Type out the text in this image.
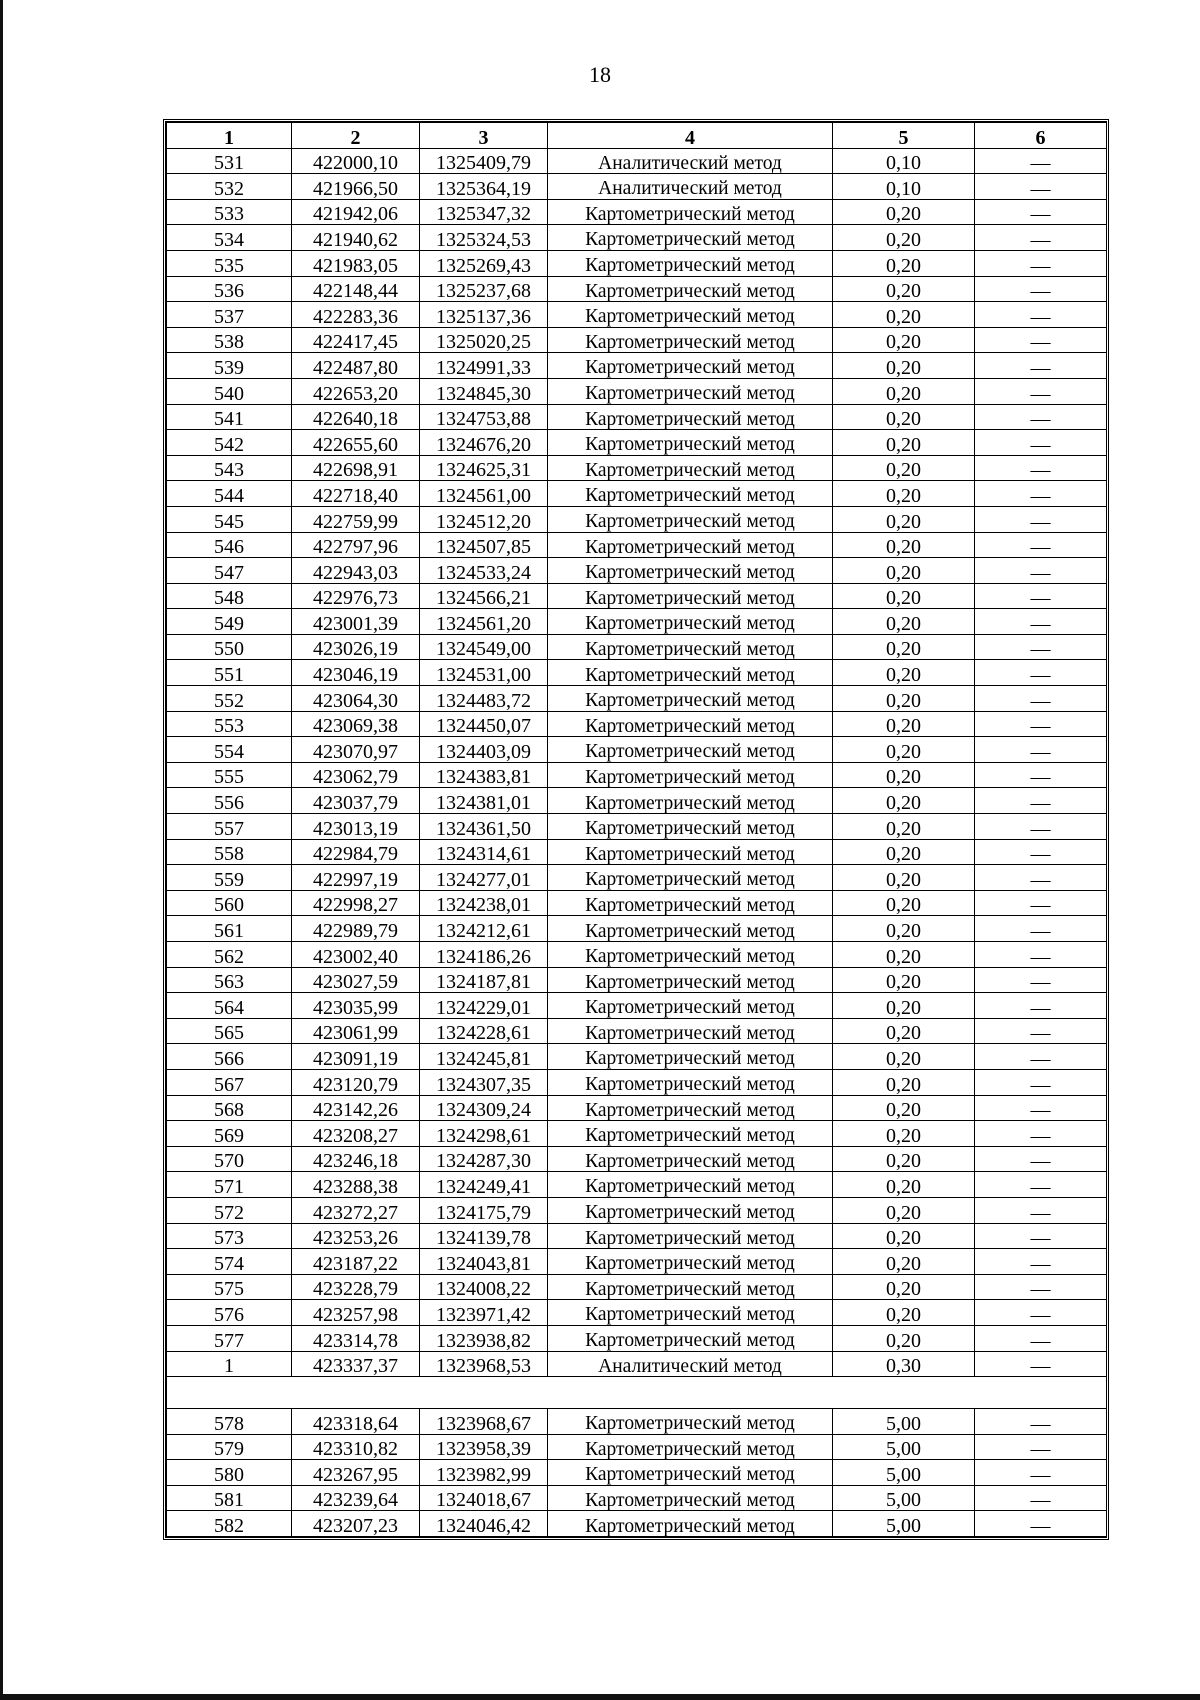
18
1	2	3	4	5	6
531	422000,10	1325409,79	Аналитический метод	0,10	—
532	421966,50	1325364,19	Аналитический метод	0,10	—
533	421942,06	1325347,32	Картометрический метод	0,20	—
534	421940,62	1325324,53	Картометрический метод	0,20	—
535	421983,05	1325269,43	Картометрический метод	0,20	—
536	422148,44	1325237,68	Картометрический метод	0,20	—
537	422283,36	1325137,36	Картометрический метод	0,20	—
538	422417,45	1325020,25	Картометрический метод	0,20	—
539	422487,80	1324991,33	Картометрический метод	0,20	—
540	422653,20	1324845,30	Картометрический метод	0,20	—
541	422640,18	1324753,88	Картометрический метод	0,20	—
542	422655,60	1324676,20	Картометрический метод	0,20	—
543	422698,91	1324625,31	Картометрический метод	0,20	—
544	422718,40	1324561,00	Картометрический метод	0,20	—
545	422759,99	1324512,20	Картометрический метод	0,20	—
546	422797,96	1324507,85	Картометрический метод	0,20	—
547	422943,03	1324533,24	Картометрический метод	0,20	—
548	422976,73	1324566,21	Картометрический метод	0,20	—
549	423001,39	1324561,20	Картометрический метод	0,20	—
550	423026,19	1324549,00	Картометрический метод	0,20	—
551	423046,19	1324531,00	Картометрический метод	0,20	—
552	423064,30	1324483,72	Картометрический метод	0,20	—
553	423069,38	1324450,07	Картометрический метод	0,20	—
554	423070,97	1324403,09	Картометрический метод	0,20	—
555	423062,79	1324383,81	Картометрический метод	0,20	—
556	423037,79	1324381,01	Картометрический метод	0,20	—
557	423013,19	1324361,50	Картометрический метод	0,20	—
558	422984,79	1324314,61	Картометрический метод	0,20	—
559	422997,19	1324277,01	Картометрический метод	0,20	—
560	422998,27	1324238,01	Картометрический метод	0,20	—
561	422989,79	1324212,61	Картометрический метод	0,20	—
562	423002,40	1324186,26	Картометрический метод	0,20	—
563	423027,59	1324187,81	Картометрический метод	0,20	—
564	423035,99	1324229,01	Картометрический метод	0,20	—
565	423061,99	1324228,61	Картометрический метод	0,20	—
566	423091,19	1324245,81	Картометрический метод	0,20	—
567	423120,79	1324307,35	Картометрический метод	0,20	—
568	423142,26	1324309,24	Картометрический метод	0,20	—
569	423208,27	1324298,61	Картометрический метод	0,20	—
570	423246,18	1324287,30	Картометрический метод	0,20	—
571	423288,38	1324249,41	Картометрический метод	0,20	—
572	423272,27	1324175,79	Картометрический метод	0,20	—
573	423253,26	1324139,78	Картометрический метод	0,20	—
574	423187,22	1324043,81	Картометрический метод	0,20	—
575	423228,79	1324008,22	Картометрический метод	0,20	—
576	423257,98	1323971,42	Картометрический метод	0,20	—
577	423314,78	1323938,82	Картометрический метод	0,20	—
1	423337,37	1323968,53	Аналитический метод	0,30	—

578	423318,64	1323968,67	Картометрический метод	5,00	—
579	423310,82	1323958,39	Картометрический метод	5,00	—
580	423267,95	1323982,99	Картометрический метод	5,00	—
581	423239,64	1324018,67	Картометрический метод	5,00	—
582	423207,23	1324046,42	Картометрический метод	5,00	—
